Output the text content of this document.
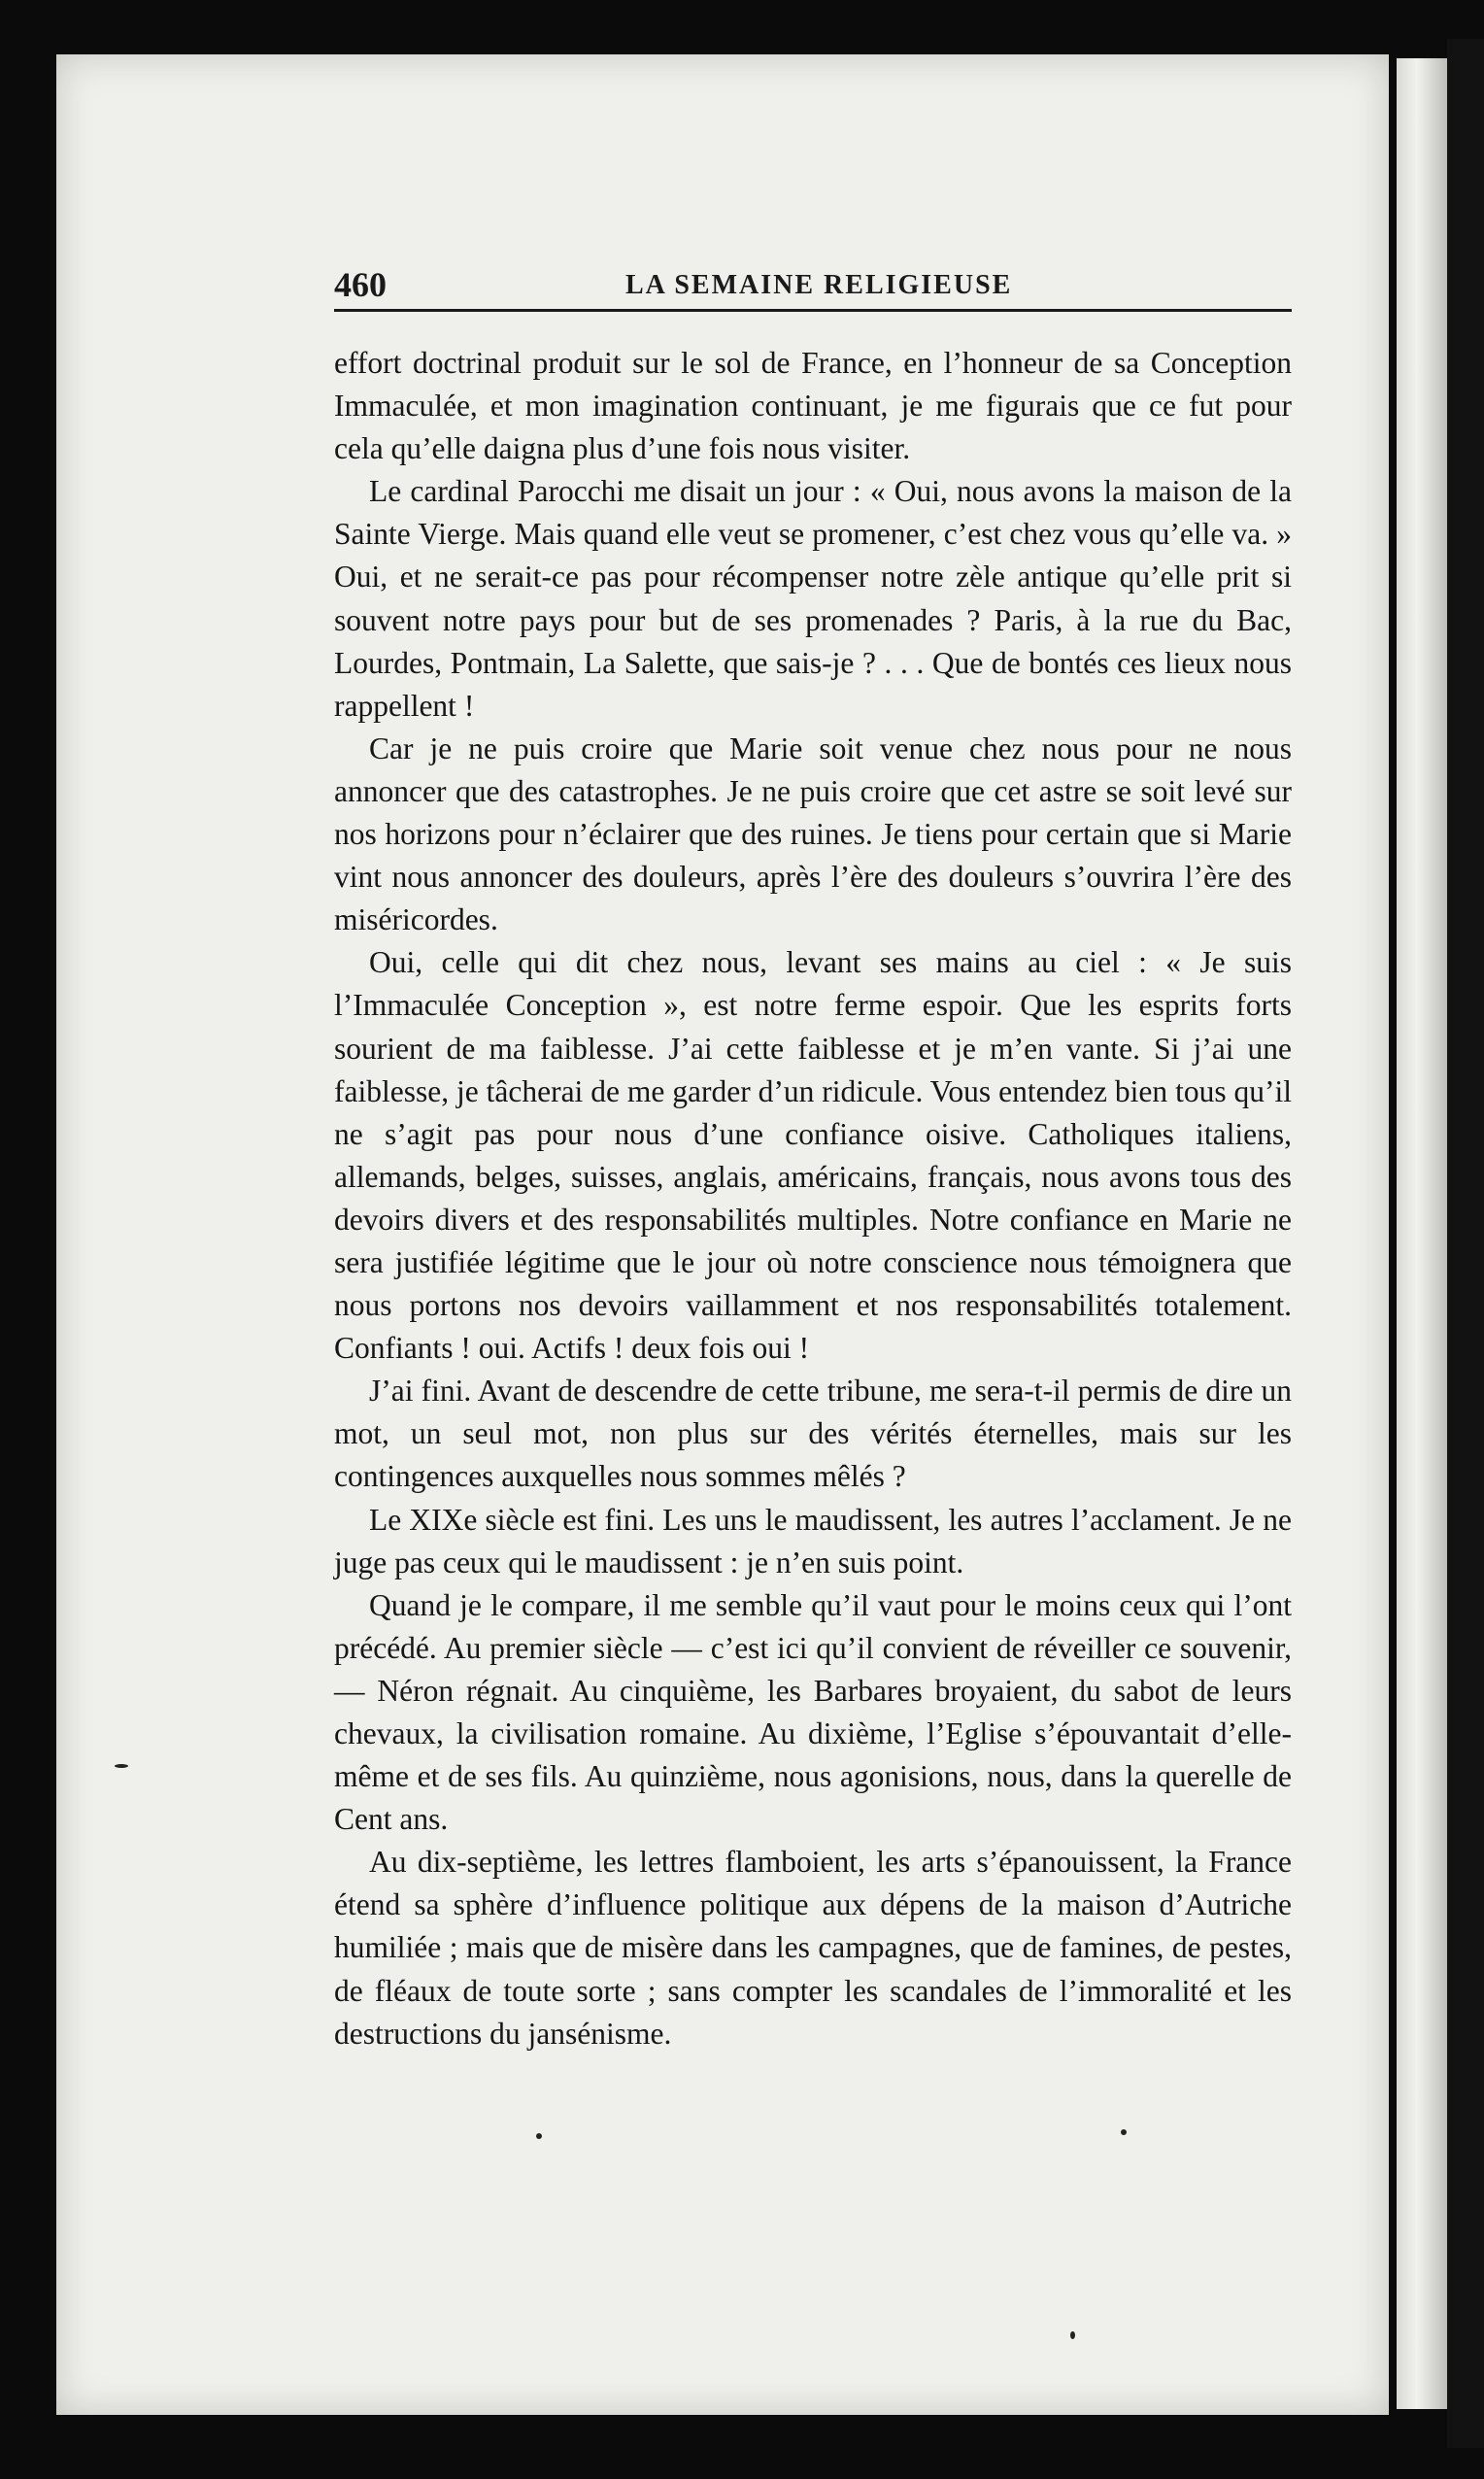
460	LA SEMAINE RELIGIEUSE

effort doctrinal produit sur le sol de France, en l’honneur de sa Conception Immaculée, et mon imagination continuant, je me figurais que ce fut pour cela qu’elle daigna plus d’une fois nous visiter.

Le cardinal Parocchi me disait un jour : « Oui, nous avons la maison de la Sainte Vierge. Mais quand elle veut se promener, c’est chez vous qu’elle va. » Oui, et ne serait-ce pas pour récompenser notre zèle antique qu’elle prit si souvent notre pays pour but de ses promenades ? Paris, à la rue du Bac, Lourdes, Pontmain, La Salette, que sais-je ? . . . Que de bontés ces lieux nous rappellent !

Car je ne puis croire que Marie soit venue chez nous pour ne nous annoncer que des catastrophes. Je ne puis croire que cet astre se soit levé sur nos horizons pour n’éclairer que des ruines. Je tiens pour certain que si Marie vint nous annoncer des douleurs, après l’ère des douleurs s’ouvrira l’ère des miséricordes.

Oui, celle qui dit chez nous, levant ses mains au ciel : « Je suis l’Immaculée Conception », est notre ferme espoir. Que les esprits forts sourient de ma faiblesse. J’ai cette faiblesse et je m’en vante. Si j’ai une faiblesse, je tâcherai de me garder d’un ridicule. Vous entendez bien tous qu’il ne s’agit pas pour nous d’une confiance oisive. Catholiques italiens, allemands, belges, suisses, anglais, américains, français, nous avons tous des devoirs divers et des responsabilités multiples. Notre confiance en Marie ne sera justifiée légitime que le jour où notre conscience nous témoignera que nous portons nos devoirs vaillamment et nos responsabilités totalement. Confiants ! oui. Actifs ! deux fois oui !

J’ai fini. Avant de descendre de cette tribune, me sera-t-il permis de dire un mot, un seul mot, non plus sur des vérités éternelles, mais sur les contingences auxquelles nous sommes mêlés ?

Le XIXe siècle est fini. Les uns le maudissent, les autres l’acclament. Je ne juge pas ceux qui le maudissent : je n’en suis point.

Quand je le compare, il me semble qu’il vaut pour le moins ceux qui l’ont précédé. Au premier siècle — c’est ici qu’il convient de réveiller ce souvenir, — Néron régnait. Au cinquième, les Barbares broyaient, du sabot de leurs chevaux, la civilisation romaine. Au dixième, l’Eglise s’épouvantait d’elle-même et de ses fils. Au quinzième, nous agonisions, nous, dans la querelle de Cent ans.

Au dix-septième, les lettres flamboient, les arts s’épanouissent, la France étend sa sphère d’influence politique aux dépens de la maison d’Autriche humiliée ; mais que de misère dans les campagnes, que de famines, de pestes, de fléaux de toute sorte ; sans compter les scandales de l’immoralité et les destructions du jansénisme.
